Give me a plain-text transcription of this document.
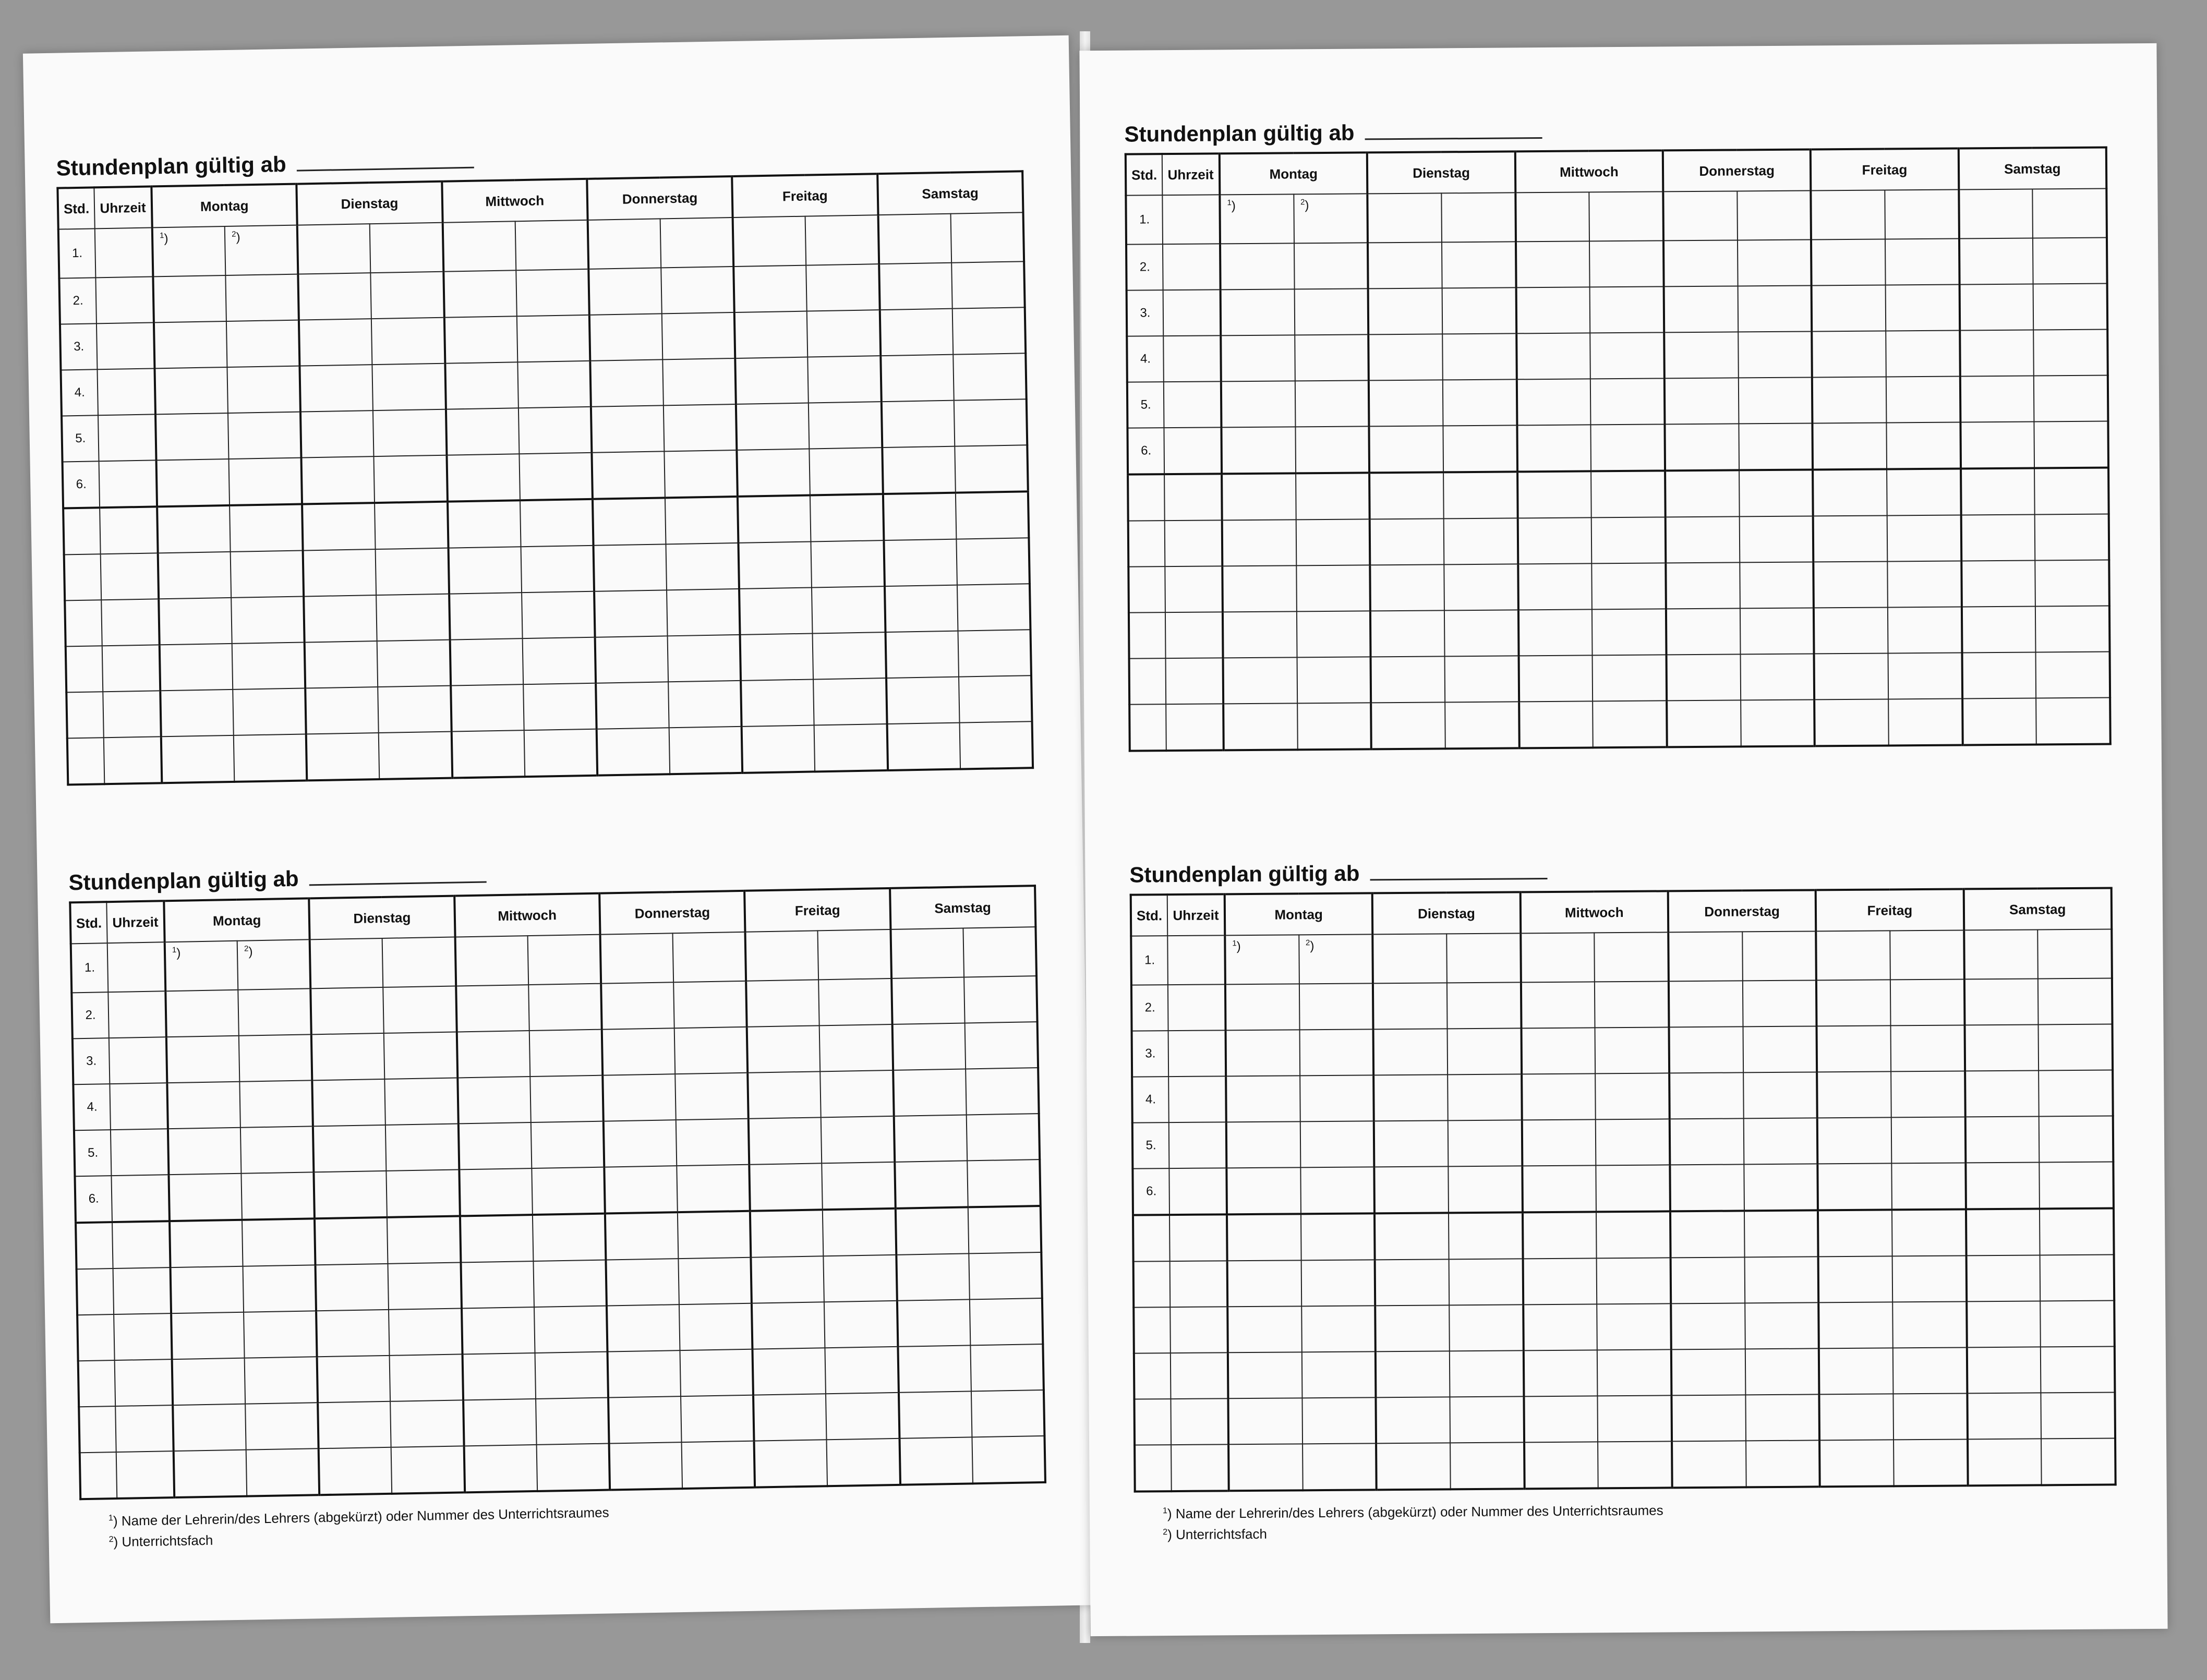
Stundenplan gültig ab
Std.	Uhrzeit	Montag		Dienstag		Mittwoch		Donnerstag		Freitag		Samstag	
1.		$^1$)	$^2$)										
2.													
3.													
4.													
5.													
6.													

Stundenplan gültig ab
Std.	Uhrzeit	Montag		Dienstag		Mittwoch		Donnerstag		Freitag		Samstag	
1.		$^1$)	$^2$)										
2.													
3.													
4.													
5.													
6.													

$^1$) Name der Lehrerin/des Lehrers (abgekürzt) oder Nummer des Unterrichtsraumes
$^2$) Unterrichtsfach
Stundenplan gültig ab
Std.	Uhrzeit	Montag		Dienstag		Mittwoch		Donnerstag		Freitag		Samstag	
1.		$^1$)	$^2$)										
2.													
3.													
4.													
5.													
6.													

Stundenplan gültig ab
Std.	Uhrzeit	Montag		Dienstag		Mittwoch		Donnerstag		Freitag		Samstag	
1.		$^1$)	$^2$)										
2.													
3.													
4.													
5.													
6.													

$^1$) Name der Lehrerin/des Lehrers (abgekürzt) oder Nummer des Unterrichtsraumes
$^2$) Unterrichtsfach
